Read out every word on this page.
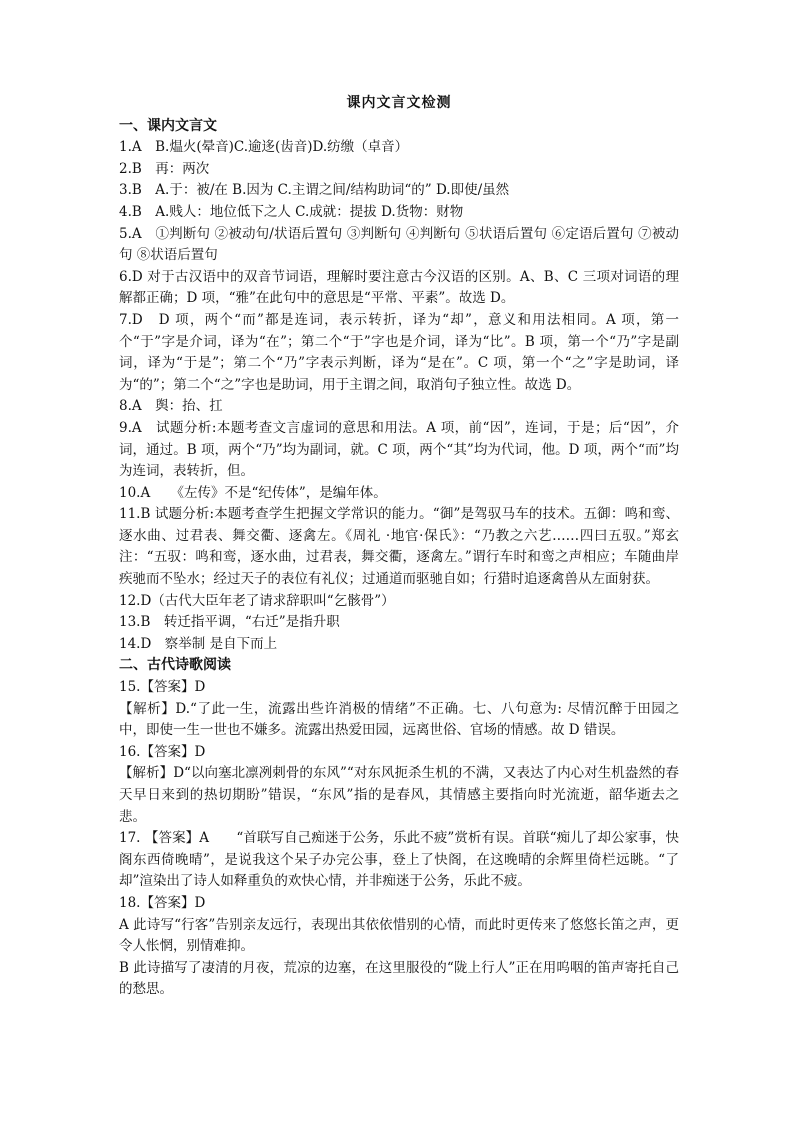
课内文言文检测
一、课内文言文
1.A　B.煴火(晕音)C.逾迻(齿音)D.纺缴（卓音）
2.B　再：两次
3.B　A.于：被/在 B.因为 C.主谓之间/结构助词“的” D.即使/虽然
4.B　A.贱人：地位低下之人 C.成就：提拔 D.货物：财物
5.A　①判断句 ②被动句/状语后置句 ③判断句 ④判断句 ⑤状语后置句 ⑥定语后置句 ⑦被动句 ⑧状语后置句
6.D 对于古汉语中的双音节词语，理解时要注意古今汉语的区别。A、B、C 三项对词语的理解都正确；D 项，“雅”在此句中的意思是“平常、平素”。故选 D。
7.D　D 项，两个“而”都是连词，表示转折，译为“却”，意义和用法相同。A 项，第一个“于”字是介词，译为“在”；第二个“于”字也是介词，译为“比”。B 项，第一个“乃”字是副词，译为“于是”；第二个“乃”字表示判断，译为“是在”。C 项，第一个“之”字是助词，译为“的”；第二个“之”字也是助词，用于主谓之间，取消句子独立性。故选 D。
8.A　舆：抬、扛
9.A　试题分析:本题考查文言虚词的意思和用法。A 项，前“因”，连词，于是；后“因”，介词，通过。B 项，两个“乃”均为副词，就。C 项，两个“其”均为代词，他。D 项，两个“而”均为连词，表转折，但。
10.A　　《左传》不是“纪传体”，是编年体。
11.B 试题分析:本题考查学生把握文学常识的能力。“御”是驾驭马车的技术。五御：鸣和鸾、逐水曲、过君表、舞交衢、逐禽左。《周礼 ·地官·保氏》：“乃教之六艺……四曰五驭。”郑玄注：“五驭：鸣和鸾，逐水曲，过君表，舞交衢，逐禽左。”谓行车时和鸾之声相应；车随曲岸疾驰而不坠水；经过天子的表位有礼仪；过通道而驱驰自如；行猎时追逐禽兽从左面射获。
12.D（古代大臣年老了请求辞职叫“乞骸骨”）
13.B　转迁指平调，“右迁”是指升职
14.D　察举制 是自下而上
二、古代诗歌阅读
15.【答案】D
【解析】D.“了此一生，流露出些许消极的情绪”不正确。七、八句意为: 尽情沉醉于田园之中，即使一生一世也不嫌多。流露出热爱田园，远离世俗、官场的情感。故 D 错误。
16.【答案】D
【解析】D“以向塞北凛冽刺骨的东风”“对东风扼杀生机的不满，又表达了内心对生机盎然的春天早日来到的热切期盼”错误，“东风”指的是春风，其情感主要指向时光流逝，韶华逝去之悲。
17. 【答案】A　　“首联写自己痴迷于公务，乐此不疲”赏析有误。首联“痴儿了却公家事，快阁东西倚晚晴”，是说我这个呆子办完公事，登上了快阁，在这晚晴的余辉里倚栏远眺。“了却”渲染出了诗人如释重负的欢快心情，并非痴迷于公务，乐此不疲。
18.【答案】D
A 此诗写“行客”告别亲友远行，表现出其依依惜别的心情，而此时更传来了悠悠长笛之声，更令人怅惘，别情难抑。
B 此诗描写了凄清的月夜，荒凉的边塞，在这里服役的“陇上行人”正在用呜咽的笛声寄托自己的愁思。
